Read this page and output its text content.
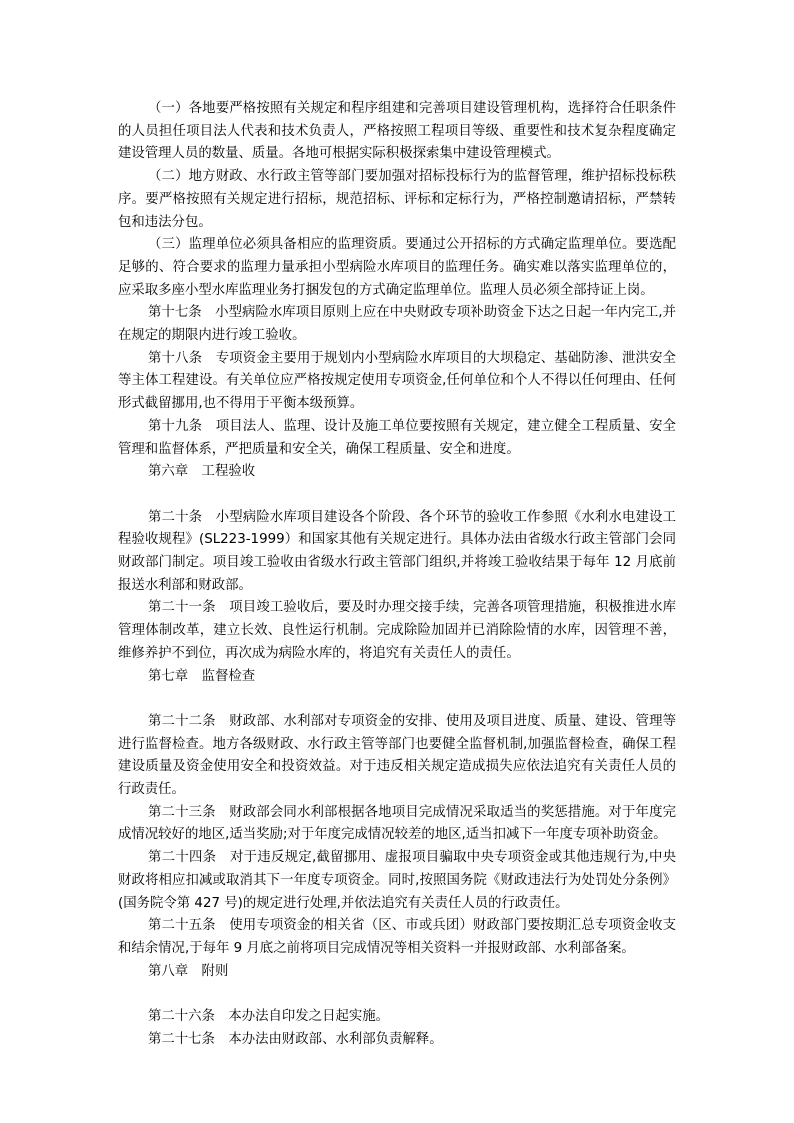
（一）各地要严格按照有关规定和程序组建和完善项目建设管理机构，选择符合任职条件的人员担任项目法人代表和技术负责人，严格按照工程项目等级、重要性和技术复杂程度确定建设管理人员的数量、质量。各地可根据实际积极探索集中建设管理模式。

（二）地方财政、水行政主管等部门要加强对招标投标行为的监督管理，维护招标投标秩序。要严格按照有关规定进行招标，规范招标、评标和定标行为，严格控制邀请招标，严禁转包和违法分包。

（三）监理单位必须具备相应的监理资质。要通过公开招标的方式确定监理单位。要选配足够的、符合要求的监理力量承担小型病险水库项目的监理任务。确实难以落实监理单位的，应采取多座小型水库监理业务打捆发包的方式确定监理单位。监理人员必须全部持证上岗。

第十七条　小型病险水库项目原则上应在中央财政专项补助资金下达之日起一年内完工,并在规定的期限内进行竣工验收。

第十八条　专项资金主要用于规划内小型病险水库项目的大坝稳定、基础防渗、泄洪安全等主体工程建设。有关单位应严格按规定使用专项资金,任何单位和个人不得以任何理由、任何形式截留挪用,也不得用于平衡本级预算。

第十九条　项目法人、监理、设计及施工单位要按照有关规定，建立健全工程质量、安全管理和监督体系，严把质量和安全关，确保工程质量、安全和进度。

第六章　工程验收

第二十条　小型病险水库项目建设各个阶段、各个环节的验收工作参照《水利水电建设工程验收规程》(SL223-1999）和国家其他有关规定进行。具体办法由省级水行政主管部门会同财政部门制定。项目竣工验收由省级水行政主管部门组织,并将竣工验收结果于每年 12 月底前报送水利部和财政部。

第二十一条　项目竣工验收后，要及时办理交接手续，完善各项管理措施，积极推进水库管理体制改革，建立长效、良性运行机制。完成除险加固并已消除险情的水库，因管理不善，维修养护不到位，再次成为病险水库的，将追究有关责任人的责任。

第七章　监督检查

第二十二条　财政部、水利部对专项资金的安排、使用及项目进度、质量、建设、管理等进行监督检查。地方各级财政、水行政主管等部门也要健全监督机制,加强监督检查，确保工程建设质量及资金使用安全和投资效益。对于违反相关规定造成损失应依法追究有关责任人员的行政责任。

第二十三条　财政部会同水利部根据各地项目完成情况采取适当的奖惩措施。对于年度完成情况较好的地区,适当奖励;对于年度完成情况较差的地区,适当扣减下一年度专项补助资金。

第二十四条　对于违反规定,截留挪用、虚报项目骗取中央专项资金或其他违规行为,中央财政将相应扣减或取消其下一年度专项资金。同时,按照国务院《财政违法行为处罚处分条例》(国务院令第 427 号)的规定进行处理,并依法追究有关责任人员的行政责任。

第二十五条　使用专项资金的相关省（区、市或兵团）财政部门要按期汇总专项资金收支和结余情况,于每年 9 月底之前将项目完成情况等相关资料一并报财政部、水利部备案。

第八章　附则

第二十六条　本办法自印发之日起实施。

第二十七条　本办法由财政部、水利部负责解释。
